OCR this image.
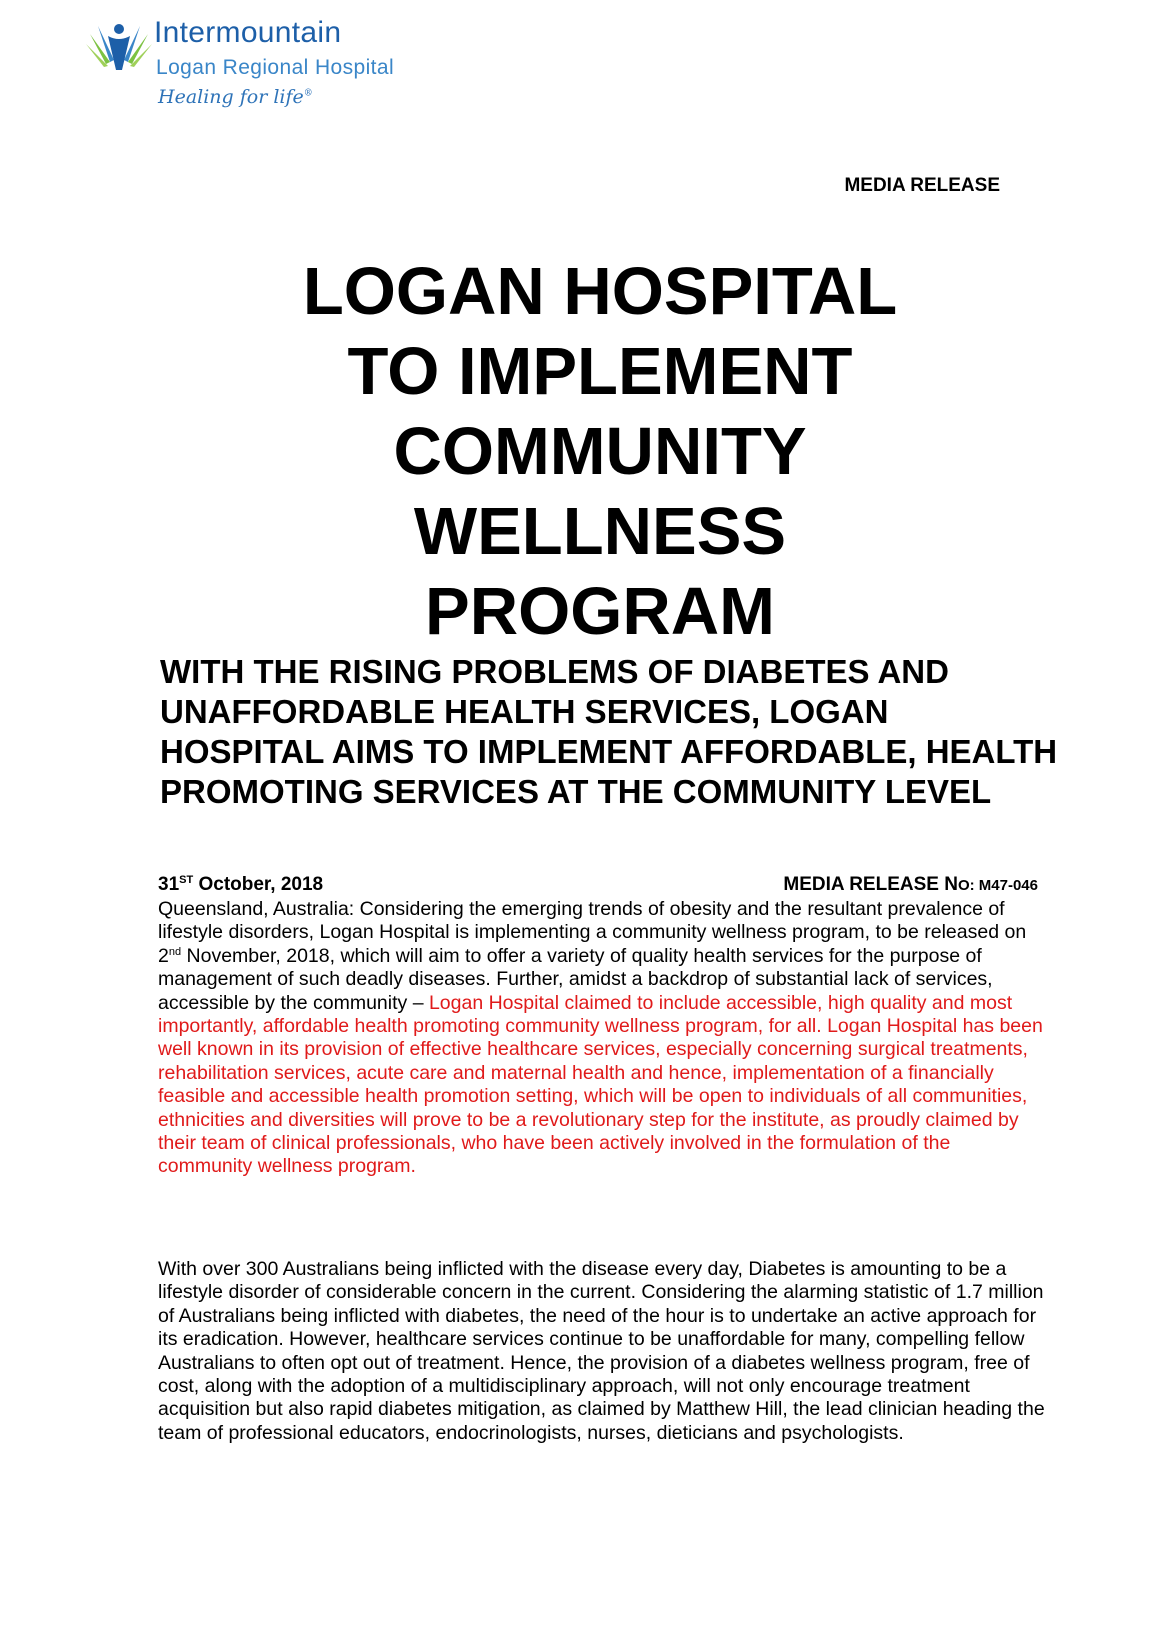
Intermountain
Logan Regional Hospital
Healing for life®
MEDIA RELEASE
LOGAN HOSPITAL
TO IMPLEMENT
COMMUNITY
WELLNESS
PROGRAM
WITH THE RISING PROBLEMS OF DIABETES AND UNAFFORDABLE HEALTH SERVICES, LOGAN HOSPITAL AIMS TO IMPLEMENT AFFORDABLE, HEALTH PROMOTING SERVICES AT THE COMMUNITY LEVEL
31ST October, 2018	MEDIA RELEASE NO: M47-046

Queensland, Australia: Considering the emerging trends of obesity and the resultant prevalence of lifestyle disorders, Logan Hospital is implementing a community wellness program, to be released on 2nd November, 2018, which will aim to offer a variety of quality health services for the purpose of management of such deadly diseases. Further, amidst a backdrop of substantial lack of services, accessible by the community – Logan Hospital claimed to include accessible, high quality and most importantly, affordable health promoting community wellness program, for all. Logan Hospital has been well known in its provision of effective healthcare services, especially concerning surgical treatments, rehabilitation services, acute care and maternal health and hence, implementation of a financially feasible and accessible health promotion setting, which will be open to individuals of all communities, ethnicities and diversities will prove to be a revolutionary step for the institute, as proudly claimed by their team of clinical professionals, who have been actively involved in the formulation of the community wellness program.

With over 300 Australians being inflicted with the disease every day, Diabetes is amounting to be a lifestyle disorder of considerable concern in the current. Considering the alarming statistic of 1.7 million of Australians being inflicted with diabetes, the need of the hour is to undertake an active approach for its eradication. However, healthcare services continue to be unaffordable for many, compelling fellow Australians to often opt out of treatment. Hence, the provision of a diabetes wellness program, free of cost, along with the adoption of a multidisciplinary approach, will not only encourage treatment acquisition but also rapid diabetes mitigation, as claimed by Matthew Hill, the lead clinician heading the team of professional educators, endocrinologists, nurses, dieticians and psychologists.
